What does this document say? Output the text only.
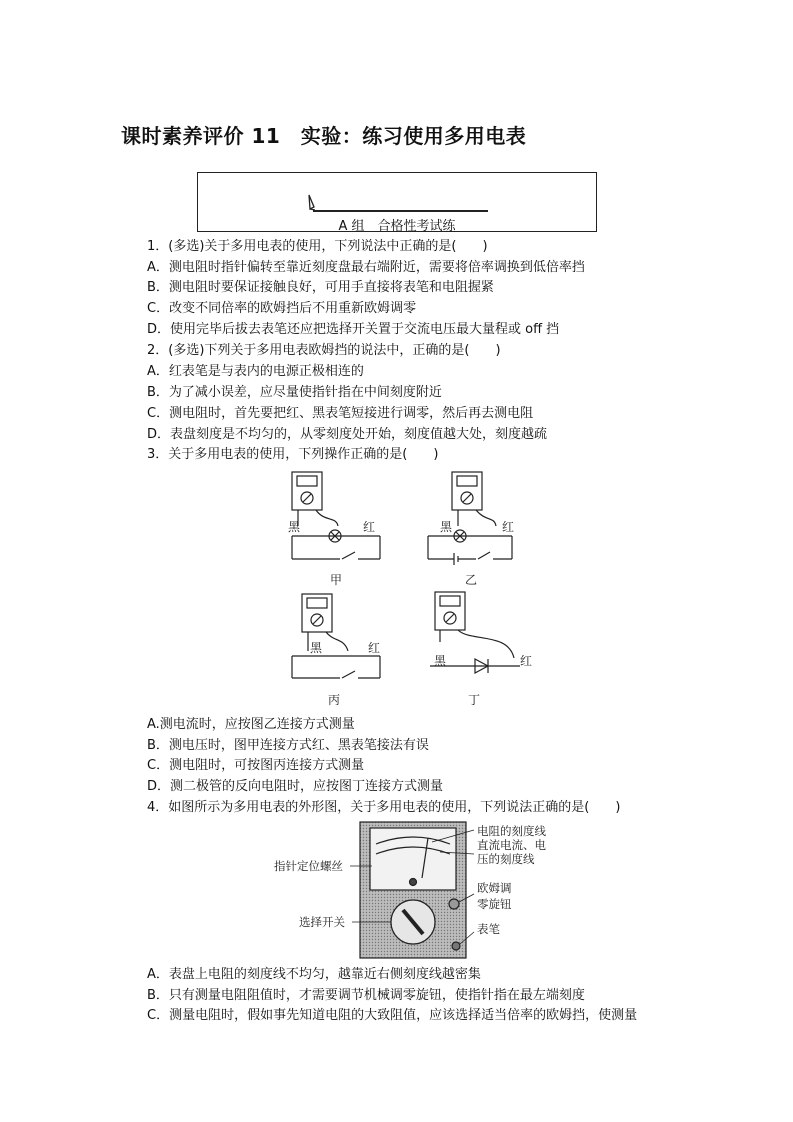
课时素养评价 11　实验：练习使用多用电表
A 组　合格性考试练
1．(多选)关于多用电表的使用，下列说法中正确的是(　　)
A．测电阻时指针偏转至靠近刻度盘最右端附近，需要将倍率调换到低倍率挡
B．测电阻时要保证接触良好，可用手直接将表笔和电阻握紧
C．改变不同倍率的欧姆挡后不用重新欧姆调零
D．使用完毕后拔去表笔还应把选择开关置于交流电压最大量程或 off 挡
2．(多选)下列关于多用电表欧姆挡的说法中，正确的是(　　)
A．红表笔是与表内的电源正极相连的
B．为了减小误差，应尽量使指针指在中间刻度附近
C．测电阻时，首先要把红、黑表笔短接进行调零，然后再去测电阻
D．表盘刻度是不均匀的，从零刻度处开始，刻度值越大处，刻度越疏
3．关于多用电表的使用，下列操作正确的是(　　)
黑	红
甲
黑	红
乙
黑	红
丙
黑	红
丁
A.测电流时，应按图乙连接方式测量
B．测电压时，图甲连接方式红、黑表笔接法有误
C．测电阻时，可按图丙连接方式测量
D．测二极管的反向电阻时，应按图丁连接方式测量
4．如图所示为多用电表的外形图，关于多用电表的使用，下列说法正确的是(　　)
电阻的刻度线
直流电流、电
压的刻度线
指针定位螺丝
欧姆调
零旋钮
选择开关	表笔
A．表盘上电阻的刻度线不均匀，越靠近右侧刻度线越密集
B．只有测量电阻阻值时，才需要调节机械调零旋钮，使指针指在最左端刻度
C．测量电阻时，假如事先知道电阻的大致阻值，应该选择适当倍率的欧姆挡，使测量
